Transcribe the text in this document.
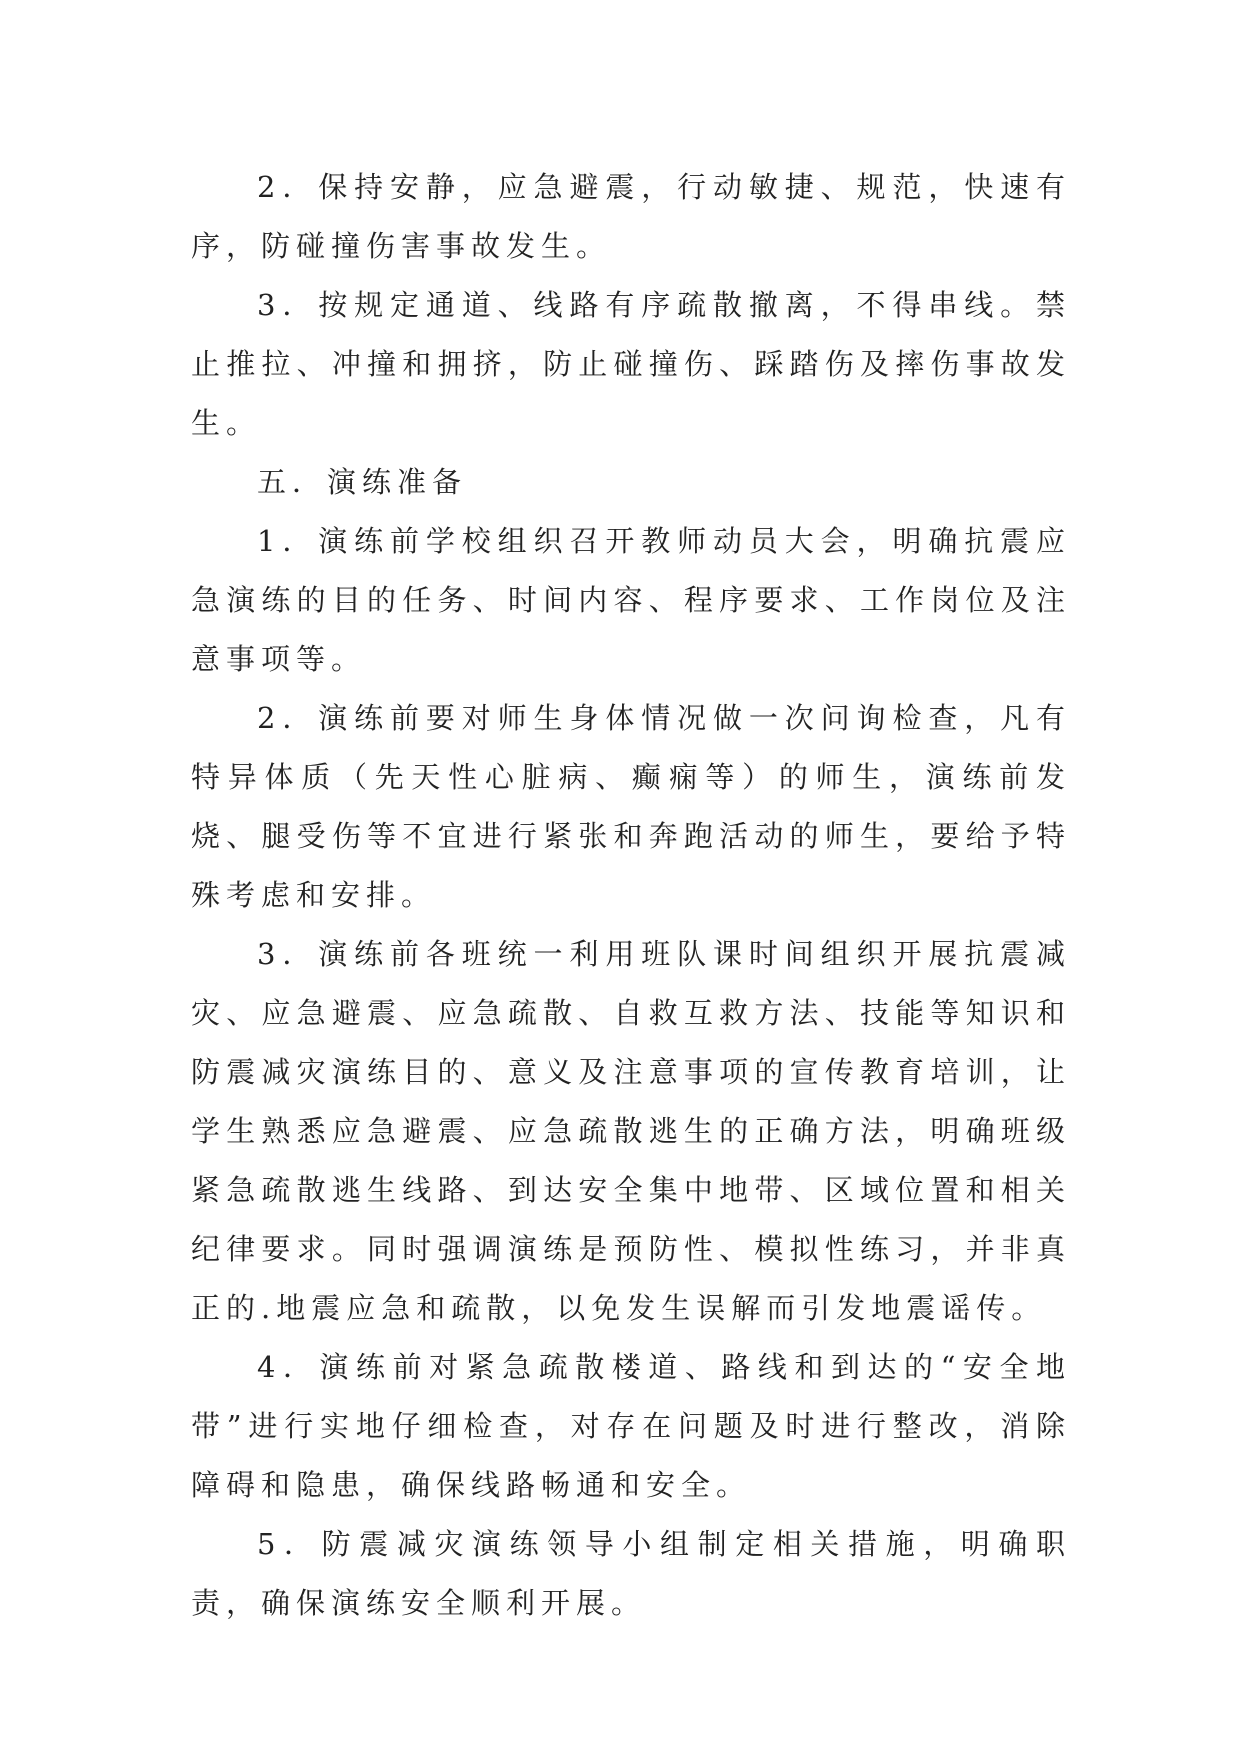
2．保持安静，应急避震，行动敏捷、规范，快速有序，防碰撞伤害事故发生。

3．按规定通道、线路有序疏散撤离，不得串线。禁止推拉、冲撞和拥挤，防止碰撞伤、踩踏伤及摔伤事故发生。

五．演练准备

1．演练前学校组织召开教师动员大会，明确抗震应急演练的目的任务、时间内容、程序要求、工作岗位及注意事项等。

2．演练前要对师生身体情况做一次问询检查，凡有特异体质（先天性心脏病、癫痫等）的师生，演练前发烧、腿受伤等不宜进行紧张和奔跑活动的师生，要给予特殊考虑和安排。

3．演练前各班统一利用班队课时间组织开展抗震减灾、应急避震、应急疏散、自救互救方法、技能等知识和防震减灾演练目的、意义及注意事项的宣传教育培训，让学生熟悉应急避震、应急疏散逃生的正确方法，明确班级紧急疏散逃生线路、到达安全集中地带、区域位置和相关纪律要求。同时强调演练是预防性、模拟性练习，并非真正的.地震应急和疏散，以免发生误解而引发地震谣传。

4．演练前对紧急疏散楼道、路线和到达的“安全地带”进行实地仔细检查，对存在问题及时进行整改，消除障碍和隐患，确保线路畅通和安全。

5．防震减灾演练领导小组制定相关措施，明确职责，确保演练安全顺利开展。
